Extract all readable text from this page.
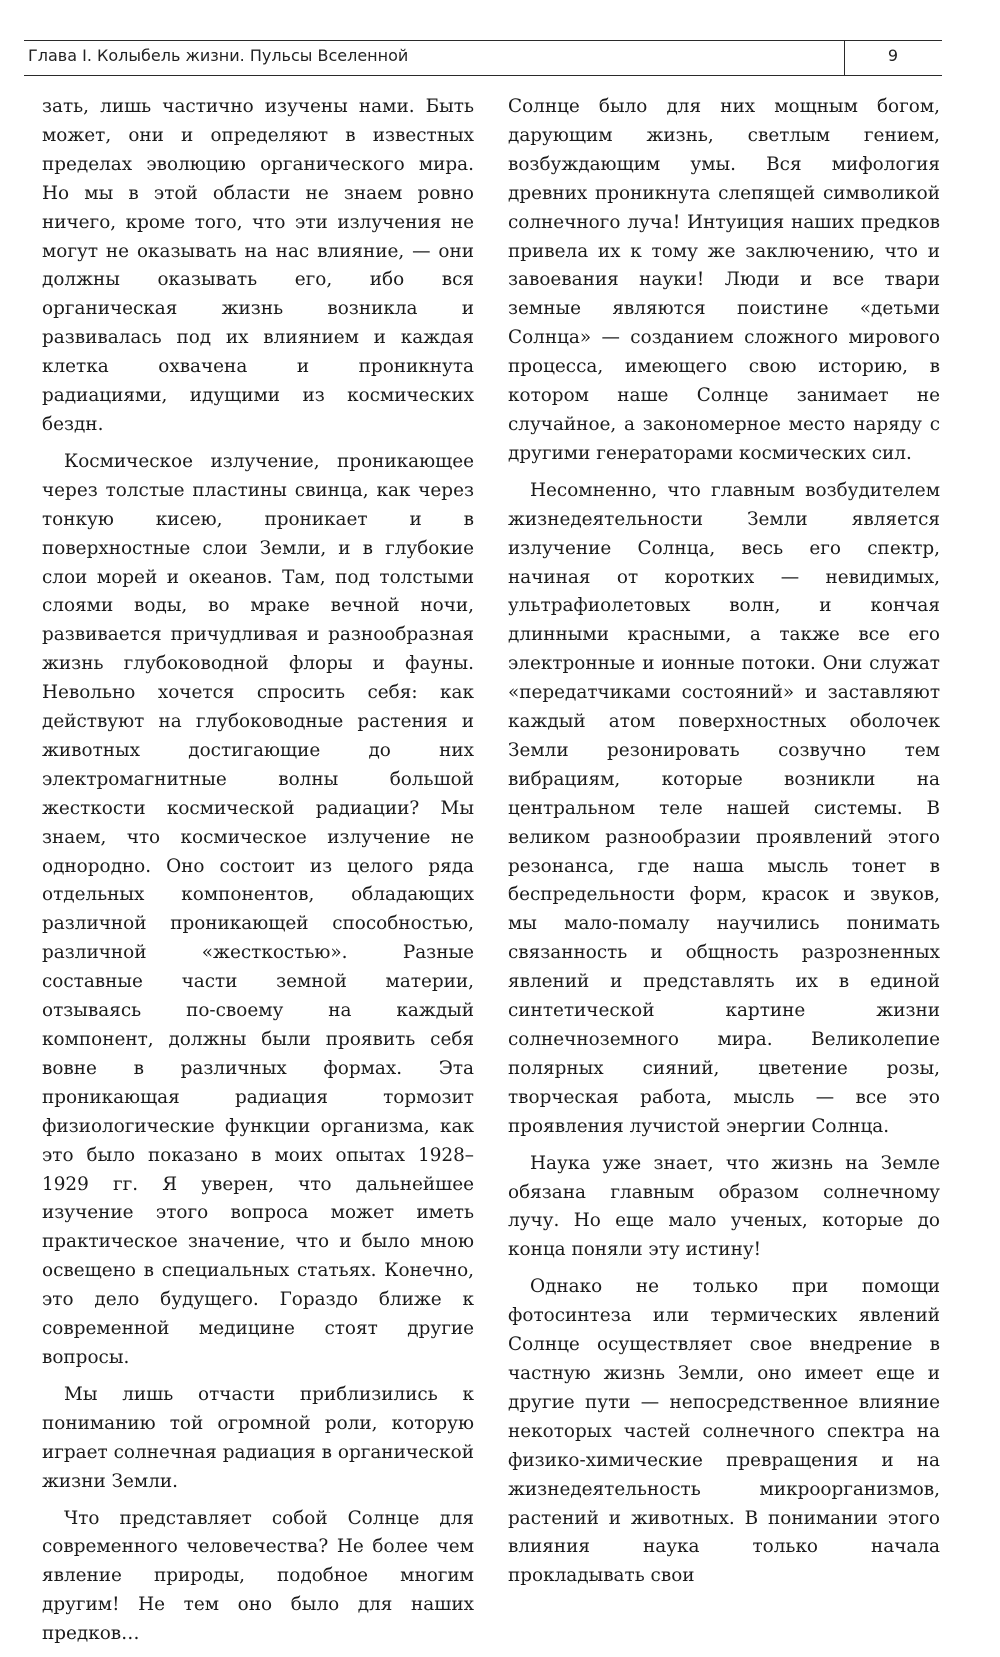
Глава I. Колыбель жизни. Пульсы Вселенной	9

зать, лишь частично изучены нами. Быть может, они и определяют в известных пределах эволюцию органического мира. Но мы в этой области не знаем ровно ничего, кроме того, что эти излучения не могут не оказывать на нас влияние, — они должны оказывать его, ибо вся органическая жизнь возникла и развивалась под их влиянием и каждая клетка охвачена и проникнута радиациями, идущими из космических бездн.

Космическое излучение, проникающее через толстые пластины свинца, как через тонкую кисею, проникает и в поверхностные слои Земли, и в глубокие слои морей и океанов. Там, под толстыми слоями воды, во мраке вечной ночи, развивается причудливая и разнообразная жизнь глубоководной флоры и фауны. Невольно хочется спросить себя: как действуют на глубоководные растения и животных достигающие до них электромагнитные волны большой жесткости космической радиации? Мы знаем, что космическое излучение не однородно. Оно состоит из целого ряда отдельных компонентов, обладающих различной проникающей способностью, различной «жесткостью». Разные составные части земной материи, отзываясь по-своему на каждый компонент, должны были проявить себя вовне в различных формах. Эта проникающая радиация тормозит физиологические функции организма, как это было показано в моих опытах 1928–1929 гг. Я уверен, что дальнейшее изучение этого вопроса может иметь практическое значение, что и было мною освещено в специальных статьях. Конечно, это дело будущего. Гораздо ближе к современной медицине стоят другие вопросы.

Мы лишь отчасти приблизились к пониманию той огромной роли, которую играет солнечная радиация в органической жизни Земли.

Что представляет собой Солнце для современного человечества? Не более чем явление природы, подобное многим другим! Не тем оно было для наших предков…

Солнце было для них мощным богом, дарующим жизнь, светлым гением, возбуждающим умы. Вся мифология древних проникнута слепящей символикой солнечного луча! Интуиция наших предков привела их к тому же заключению, что и завоевания науки! Люди и все твари земные являются поистине «детьми Солнца» — созданием сложного мирового процесса, имеющего свою историю, в котором наше Солнце занимает не случайное, а закономерное место наряду с другими генераторами космических сил.

Несомненно, что главным возбудителем жизнедеятельности Земли является излучение Солнца, весь его спектр, начиная от коротких — невидимых, ультрафиолетовых волн, и кончая длинными красными, а также все его электронные и ионные потоки. Они служат «передатчиками состояний» и заставляют каждый атом поверхностных оболочек Земли резонировать созвучно тем вибрациям, которые возникли на центральном теле нашей системы. В великом разнообразии проявлений этого резонанса, где наша мысль тонет в беспредельности форм, красок и звуков, мы мало-помалу научились понимать связанность и общность разрозненных явлений и представлять их в единой синтетической картине жизни солнечноземного мира. Великолепие полярных сияний, цветение розы, творческая работа, мысль — все это проявления лучистой энергии Солнца.

Наука уже знает, что жизнь на Земле обязана главным образом солнечному лучу. Но еще мало ученых, которые до конца поняли эту истину!

Однако не только при помощи фотосинтеза или термических явлений Солнце осуществляет свое внедрение в частную жизнь Земли, оно имеет еще и другие пути — непосредственное влияние некоторых частей солнечного спектра на физико-химические превращения и на жизнедеятельность микроорганизмов, растений и животных. В понимании этого влияния наука только начала прокладывать свои
